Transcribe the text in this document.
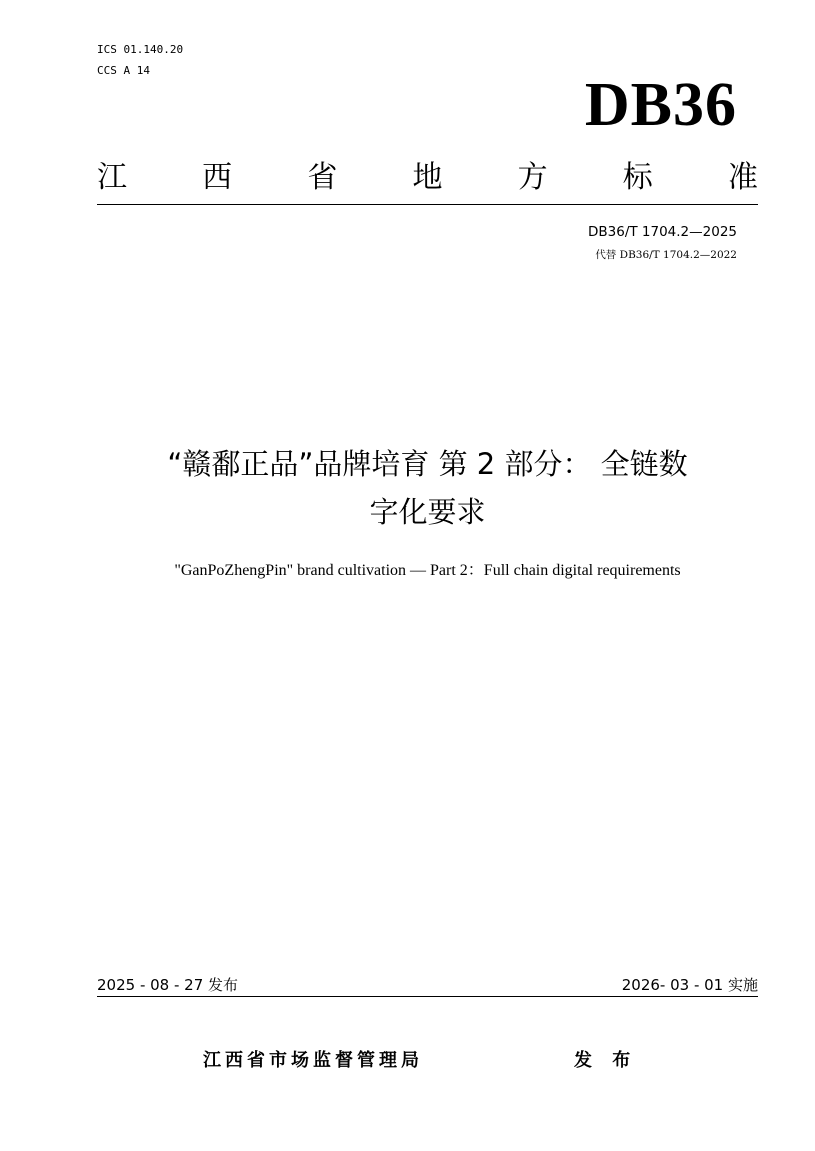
ICS 01.140.20
CCS A 14
DB36
江	西	省	地	方	标	准
DB36/T 1704.2—2025
代替 DB36/T 1704.2—2022
“赣鄱正品”品牌培育 第 2 部分： 全链数
字化要求
"GanPoZhengPin" brand cultivation — Part 2：Full chain digital requirements
2025 - 08 - 27 发布	2026- 03 - 01 实施
江西省市场监督管理局	发 布
